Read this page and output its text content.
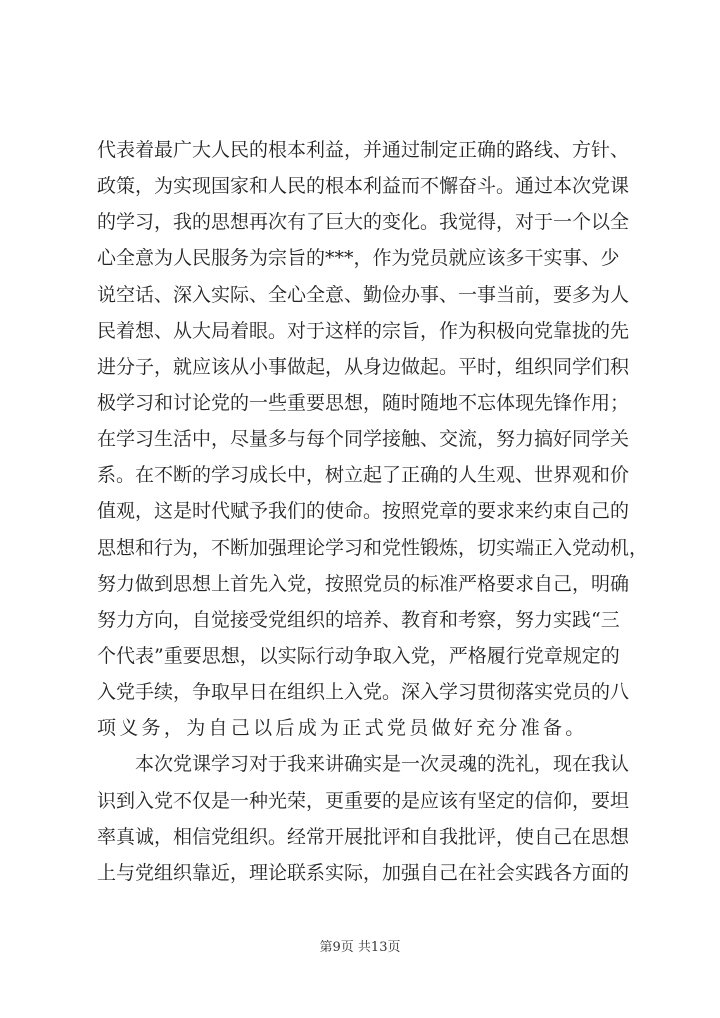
代表着最广大人民的根本利益，并通过制定正确的路线、方针、
政策，为实现国家和人民的根本利益而不懈奋斗。通过本次党课
的学习，我的思想再次有了巨大的变化。我觉得，对于一个以全
心全意为人民服务为宗旨的***，作为党员就应该多干实事、少
说空话、深入实际、全心全意、勤俭办事、一事当前，要多为人
民着想、从大局着眼。对于这样的宗旨，作为积极向党靠拢的先
进分子，就应该从小事做起，从身边做起。平时，组织同学们积
极学习和讨论党的一些重要思想，随时随地不忘体现先锋作用；
在学习生活中，尽量多与每个同学接触、交流，努力搞好同学关
系。在不断的学习成长中，树立起了正确的人生观、世界观和价
值观，这是时代赋予我们的使命。按照党章的要求来约束自己的
思想和行为，不断加强理论学习和党性锻炼，切实端正入党动机，
努力做到思想上首先入党，按照党员的标准严格要求自己，明确
努力方向，自觉接受党组织的培养、教育和考察，努力实践“三
个代表”重要思想，以实际行动争取入党，严格履行党章规定的
入党手续，争取早日在组织上入党。深入学习贯彻落实党员的八
项义务，为自己以后成为正式党员做好充分准备。
本次党课学习对于我来讲确实是一次灵魂的洗礼，现在我认
识到入党不仅是一种光荣，更重要的是应该有坚定的信仰，要坦
率真诚，相信党组织。经常开展批评和自我批评，使自己在思想
上与党组织靠近，理论联系实际，加强自己在社会实践各方面的
第9页 共13页
